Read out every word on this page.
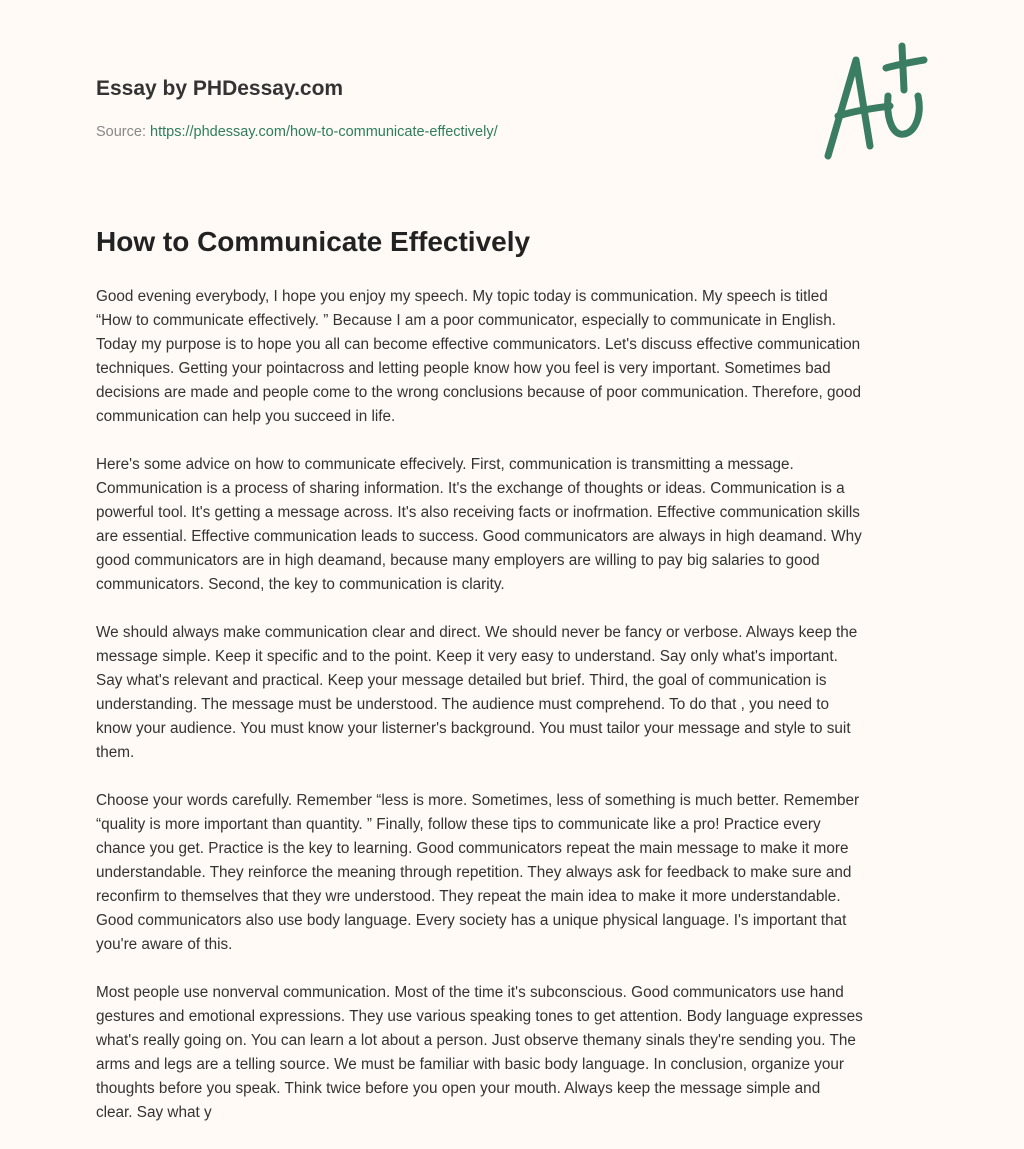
Essay by PHDessay.com
Source: https://phdessay.com/how-to-communicate-effectively/
How to Communicate Effectively

Good evening everybody, I hope you enjoy my speech. My topic today is communication. My speech is titled
“How to communicate effectively. ” Because I am a poor communicator, especially to communicate in English.
Today my purpose is to hope you all can become effective communicators. Let's discuss effective communication
techniques. Getting your pointacross and letting people know how you feel is very important. Sometimes bad
decisions are made and people come to the wrong conclusions because of poor communication. Therefore, good
communication can help you succeed in life.

Here's some advice on how to communicate effecively. First, communication is transmitting a message.
Communication is a process of sharing information. It's the exchange of thoughts or ideas. Communication is a
powerful tool. It's getting a message across. It's also receiving facts or inofrmation. Effective communication skills
are essential. Effective communication leads to success. Good communicators are always in high deamand. Why
good communicators are in high deamand, because many employers are willing to pay big salaries to good
communicators. Second, the key to communication is clarity.

We should always make communication clear and direct. We should never be fancy or verbose. Always keep the
message simple. Keep it specific and to the point. Keep it very easy to understand. Say only what's important.
Say what's relevant and practical. Keep your message detailed but brief. Third, the goal of communication is
understanding. The message must be understood. The audience must comprehend. To do that , you need to
know your audience. You must know your listerner's background. You must tailor your message and style to suit
them.

Choose your words carefully. Remember “less is more. Sometimes, less of something is much better. Remember
“quality is more important than quantity. ” Finally, follow these tips to communicate like a pro! Practice every
chance you get. Practice is the key to learning. Good communicators repeat the main message to make it more
understandable. They reinforce the meaning through repetition. They always ask for feedback to make sure and
reconfirm to themselves that they wre understood. They repeat the main idea to make it more understandable.
Good communicators also use body language. Every society has a unique physical language. I's important that
you're aware of this.

Most people use nonverval communication. Most of the time it's subconscious. Good communicators use hand
gestures and emotional expressions. They use various speaking tones to get attention. Body language expresses
what's really going on. You can learn a lot about a person. Just observe themany sinals they're sending you. The
arms and legs are a telling source. We must be familiar with basic body language. In conclusion, organize your
thoughts before you speak. Think twice before you open your mouth. Always keep the message simple and
clear. Say what y
